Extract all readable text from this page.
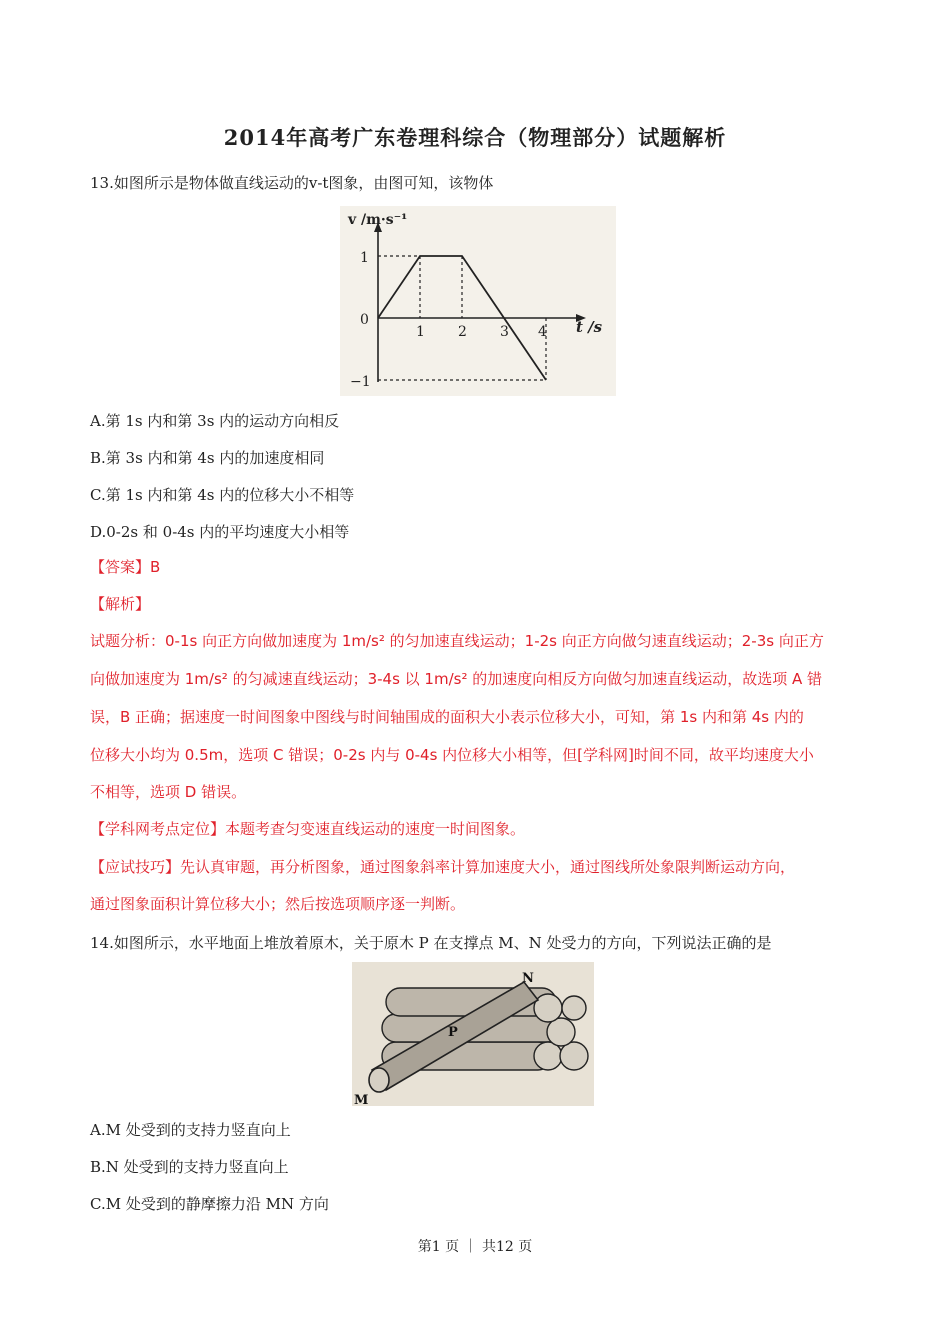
2014年高考广东卷理科综合（物理部分）试题解析
13.如图所示是物体做直线运动的v-t图象，由图可知，该物体
v /m·s⁻¹
t /s
1
0
−1
1 2 3 4
A.第 1s 内和第 3s 内的运动方向相反
B.第 3s 内和第 4s 内的加速度相同
C.第 1s 内和第 4s 内的位移大小不相等
D.0-2s 和 0-4s 内的平均速度大小相等
【答案】B
【解析】
试题分析：0-1s 向正方向做加速度为 1m/s² 的匀加速直线运动；1-2s 向正方向做匀速直线运动；2-3s 向正方
向做加速度为 1m/s² 的匀减速直线运动；3-4s 以 1m/s² 的加速度向相反方向做匀加速直线运动，故选项 A 错
误，B 正确；据速度一时间图象中图线与时间轴围成的面积大小表示位移大小，可知，第 1s 内和第 4s 内的
位移大小均为 0.5m，选项 C 错误；0-2s 内与 0-4s 内位移大小相等，但[学科网]时间不同，故平均速度大小
不相等，选项 D 错误。
【学科网考点定位】本题考查匀变速直线运动的速度一时间图象。
【应试技巧】先认真审题，再分析图象，通过图象斜率计算加速度大小，通过图线所处象限判断运动方向，
通过图象面积计算位移大小；然后按选项顺序逐一判断。
14.如图所示，水平地面上堆放着原木，关于原木 P 在支撑点 M、N 处受力的方向，下列说法正确的是
N
P
M
A.M 处受到的支持力竖直向上
B.N 处受到的支持力竖直向上
C.M 处受到的静摩擦力沿 MN 方向
第1 页 ｜ 共12 页
